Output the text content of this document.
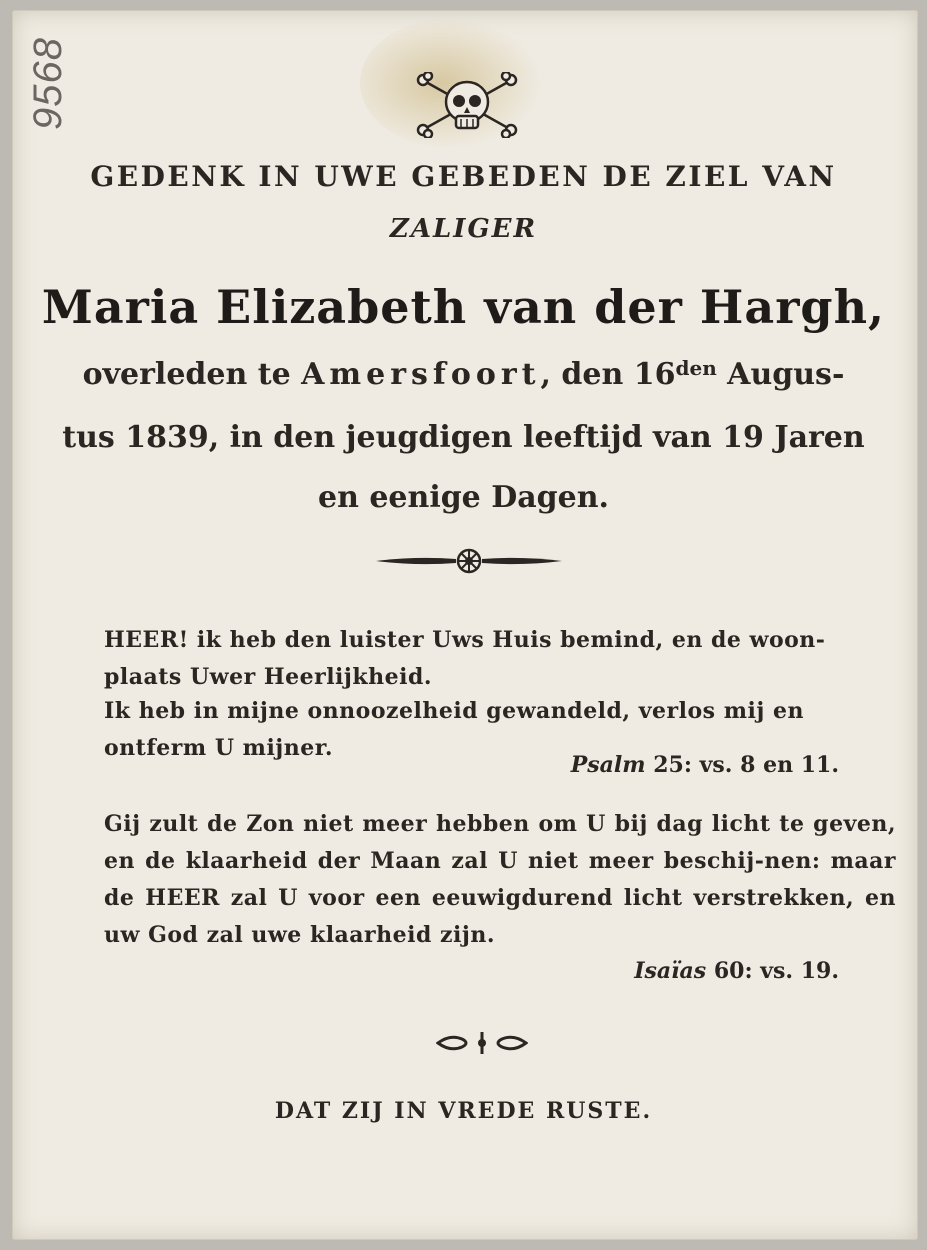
9568
GEDENK IN UWE GEBEDEN DE ZIEL VAN
ZALIGER
Maria Elizabeth van der Hargh,
overleden te Amersfoort, den $16^{den}$ Augus-
tus 1839, in den jeugdigen leeftijd van 19 Jaren
en eenige Dagen.
HEER! ik heb den luister Uws Huis bemind, en de woon-plaats Uwer Heerlijkheid.
Ik heb in mijne onnoozelheid gewandeld, verlos mij en ontferm U mijner.
Psalm 25: vs. 8 en 11.
Gij zult de Zon niet meer hebben om U bij dag licht te geven, en de klaarheid der Maan zal U niet meer beschij-nen: maar de HEER zal U voor een eeuwigdurend licht verstrekken, en uw God zal uwe klaarheid zijn.
Isaïas 60: vs. 19.
DAT ZIJ IN VREDE RUSTE.
